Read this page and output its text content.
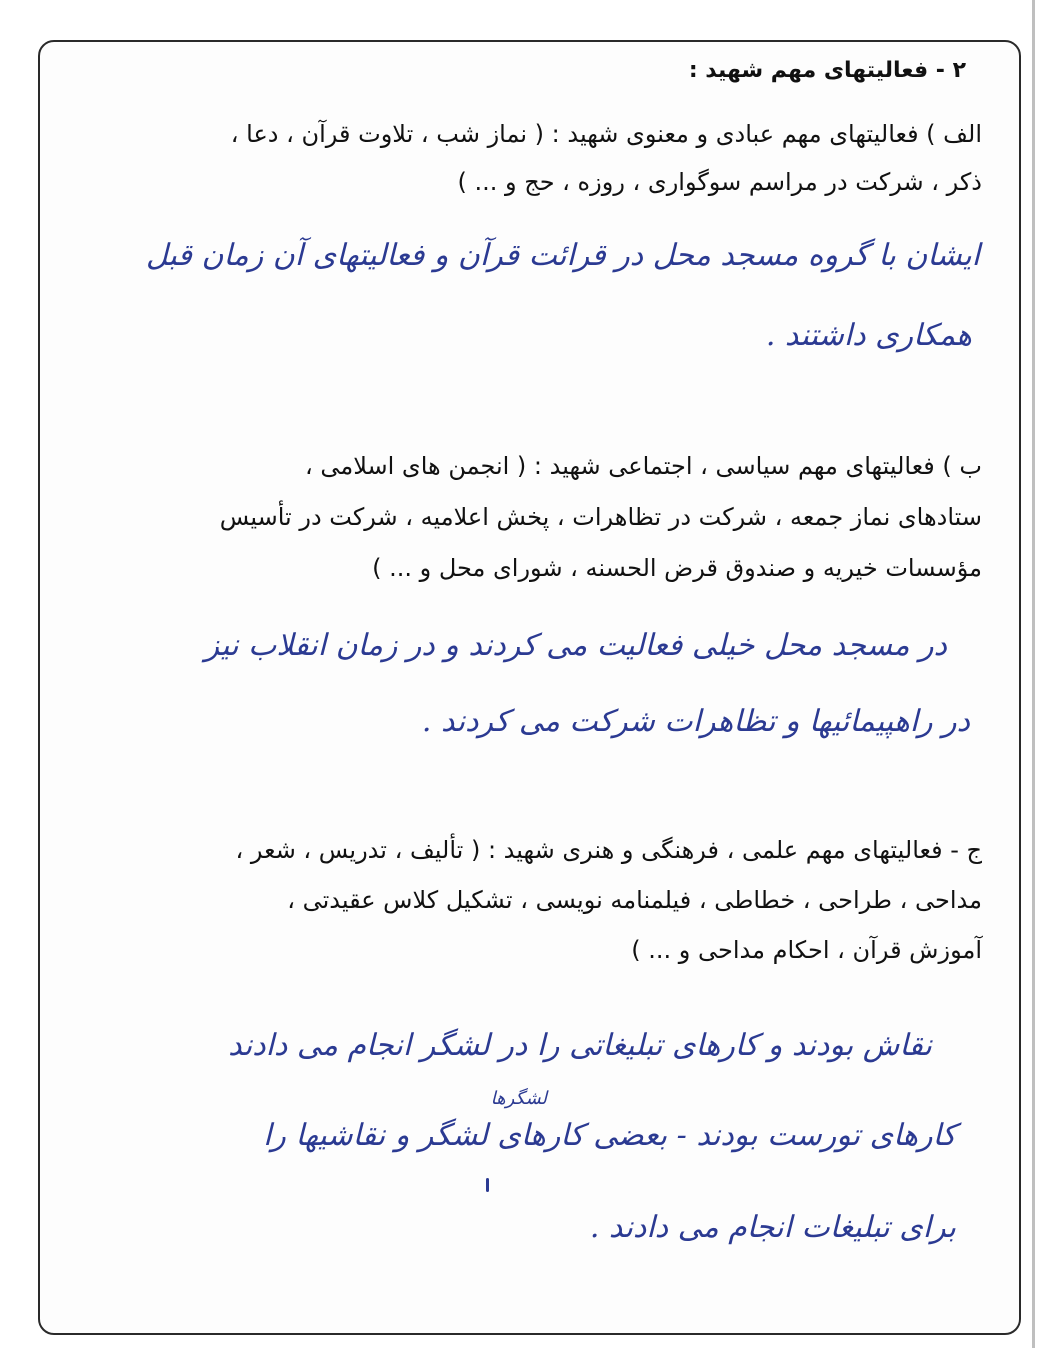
۲ - فعالیتهای مهم شهید :
الف ) فعالیتهای مهم عبادی و معنوی شهید : ( نماز شب ، تلاوت قرآن ، دعا ،
ذکر ، شرکت در مراسم سوگواری ، روزه ، حج و ... )
ایشان با گروه مسجد محل در قرائت قرآن و فعالیتهای آن زمان قبل
همکاری داشتند .
ب ) فعالیتهای مهم سیاسی ، اجتماعی شهید : ( انجمن های اسلامی ،
ستادهای نماز جمعه ، شرکت در تظاهرات ، پخش اعلامیه ، شرکت در تأسیس
مؤسسات خیریه و صندوق قرض الحسنه ، شورای محل و ... )
در مسجد محل خیلی فعالیت می کردند و در زمان انقلاب نیز
در راهپیمائیها و تظاهرات شرکت می کردند .
ج - فعالیتهای مهم علمی ، فرهنگی و هنری شهید : ( تألیف ، تدریس ، شعر ،
مداحی ، طراحی ، خطاطی ، فیلمنامه نویسی ، تشکیل کلاس عقیدتی ،
آموزش قرآن ، احکام مداحی و ... )
نقاش بودند و کارهای تبلیغاتی را در لشگر انجام می دادند
لشگرها
کارهای تورست بودند - بعضی کارهای لشگر و نقاشیها را
برای تبلیغات انجام می دادند .
